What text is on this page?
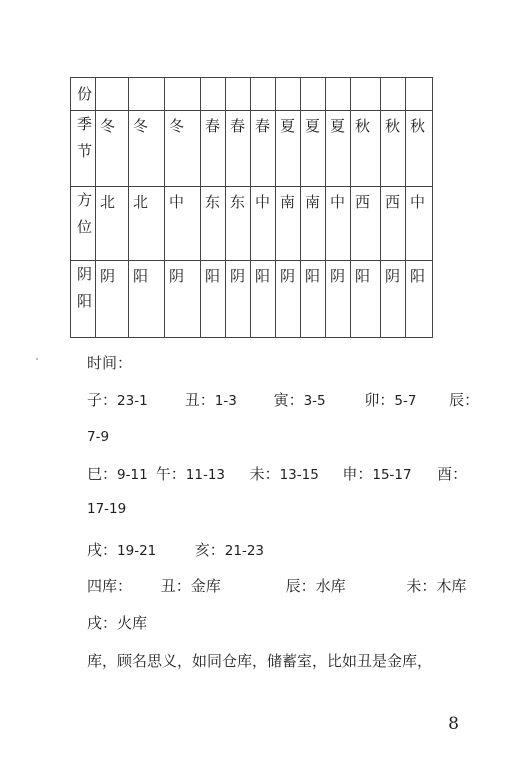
份												

季
节	冬	冬	冬	春	春	春	夏	夏	夏	秋	秋	秋

方
位	北	北	中	东	东	中	南	南	中	西	西	中

阴
阳	阴	阳	阴	阳	阴	阳	阴	阳	阴	阳	阴	阳
时间：
子：23-1 丑：1-3 寅：3-5	卯：5-7 辰：
7-9
巳：9-11 午：11-13 未：13-15 申：15-17 酉：
17-19
戌：19-21	亥：21-23
四库： 丑：金库	辰：水库	未：木库
戌：火库
库，顾名思义，如同仓库，储蓄室，比如丑是金库，
8
